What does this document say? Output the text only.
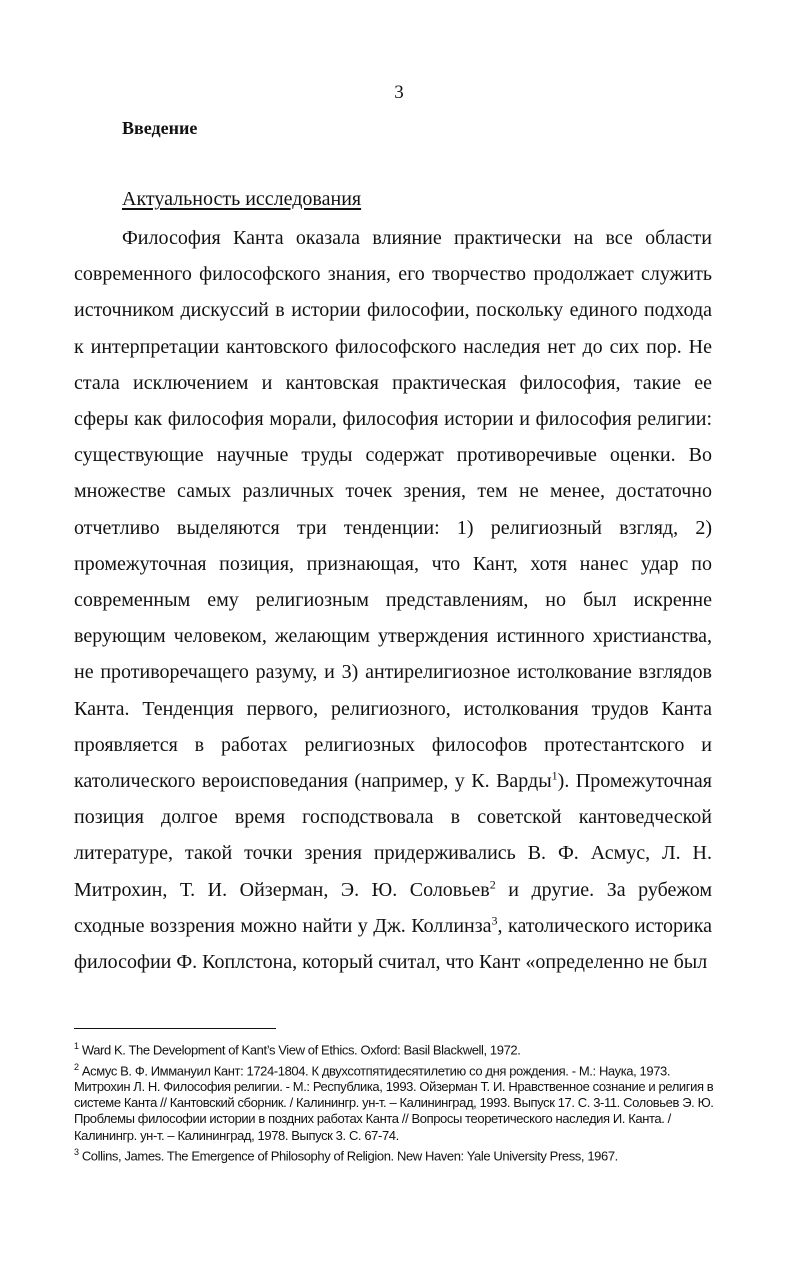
3
Введение
Актуальность исследования

Философия Канта оказала влияние практически на все области современного философского знания, его творчество продолжает служить источником дискуссий в истории философии, поскольку единого подхода к интерпретации кантовского философского наследия нет до сих пор. Не стала исключением и кантовская практическая философия, такие ее сферы как философия морали, философия истории и философия религии: существующие научные труды содержат противоречивые оценки. Во множестве самых различных точек зрения, тем не менее, достаточно отчетливо выделяются три тенденции: 1) религиозный взгляд, 2) промежуточная позиция, признающая, что Кант, хотя нанес удар по современным ему религиозным представлениям, но был искренне верующим человеком, желающим утверждения истинного христианства, не противоречащего разуму, и 3) антирелигиозное истолкование взглядов Канта. Тенденция первого, религиозного, истолкования трудов Канта проявляется в работах религиозных философов протестантского и католического вероисповедания (например, у К. Варды$^1$). Промежуточная позиция долгое время господствовала в советской кантоведческой литературе, такой точки зрения придерживались В. Ф. Асмус, Л. Н. Митрохин, Т. И. Ойзерман, Э. Ю. Соловьев$^2$ и другие. За рубежом сходные воззрения можно найти у Дж. Коллинза$^3$, католического историка философии Ф. Коплстона, который считал, что Кант «определенно не был

$^1$ Ward K. The Development of Kant’s View of Ethics. Oxford: Basil Blackwell, 1972.

$^2$ Асмус В. Ф. Иммануил Кант: 1724-1804. К двухсотпятидесятилетию со дня рождения. - М.: Наука, 1973. Митрохин Л. Н. Философия религии. - М.: Республика, 1993. Ойзерман Т. И. Нравственное сознание и религия в системе Канта // Кантовский сборник. / Калинингр. ун-т. – Калининград, 1993. Выпуск 17. С. 3-11. Соловьев Э. Ю. Проблемы философии истории в поздних работах Канта // Вопросы теоретического наследия И. Канта. / Калинингр. ун-т. – Калининград, 1978. Выпуск 3. С. 67-74.

$^3$ Collins, James. The Emergence of Philosophy of Religion. New Haven: Yale University Press, 1967.
